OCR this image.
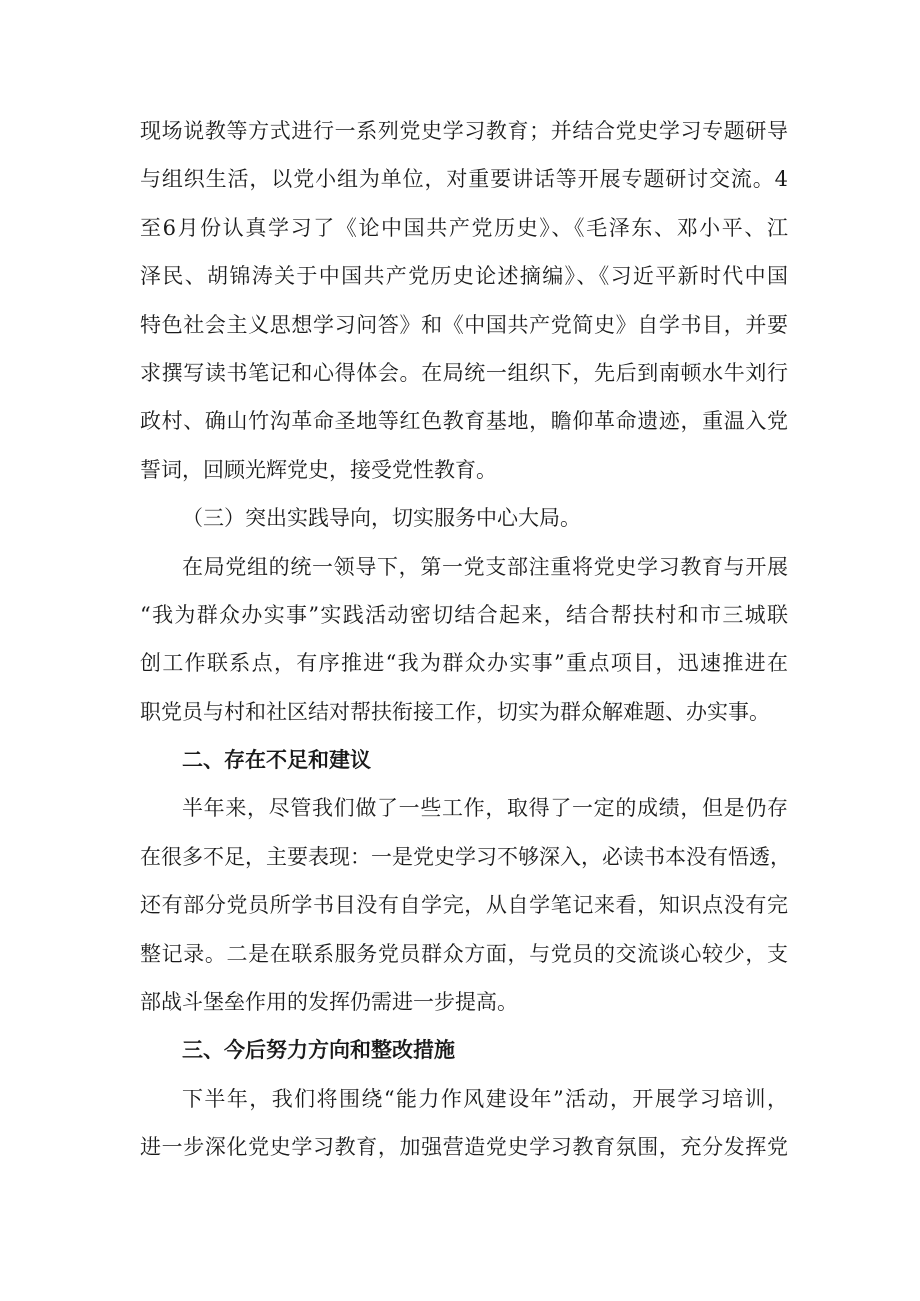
现场说教等方式进行一系列党史学习教育；并结合党史学习专题研导
与组织生活，以党小组为单位，对重要讲话等开展专题研讨交流。4
至6月份认真学习了《论中国共产党历史》、《毛泽东、邓小平、江
泽民、胡锦涛关于中国共产党历史论述摘编》、《习近平新时代中国
特色社会主义思想学习问答》和《中国共产党简史》自学书目，并要
求撰写读书笔记和心得体会。在局统一组织下，先后到南顿水牛刘行
政村、确山竹沟革命圣地等红色教育基地，瞻仰革命遗迹，重温入党
誓词，回顾光辉党史，接受党性教育。
（三）突出实践导向，切实服务中心大局。
在局党组的统一领导下，第一党支部注重将党史学习教育与开展
“我为群众办实事”实践活动密切结合起来，结合帮扶村和市三城联
创工作联系点，有序推进“我为群众办实事”重点项目，迅速推进在
职党员与村和社区结对帮扶衔接工作，切实为群众解难题、办实事。
二、存在不足和建议
半年来，尽管我们做了一些工作，取得了一定的成绩，但是仍存
在很多不足，主要表现：一是党史学习不够深入，必读书本没有悟透，
还有部分党员所学书目没有自学完，从自学笔记来看，知识点没有完
整记录。二是在联系服务党员群众方面，与党员的交流谈心较少，支
部战斗堡垒作用的发挥仍需进一步提高。
三、今后努力方向和整改措施
下半年，我们将围绕“能力作风建设年”活动，开展学习培训，
进一步深化党史学习教育，加强营造党史学习教育氛围，充分发挥党
